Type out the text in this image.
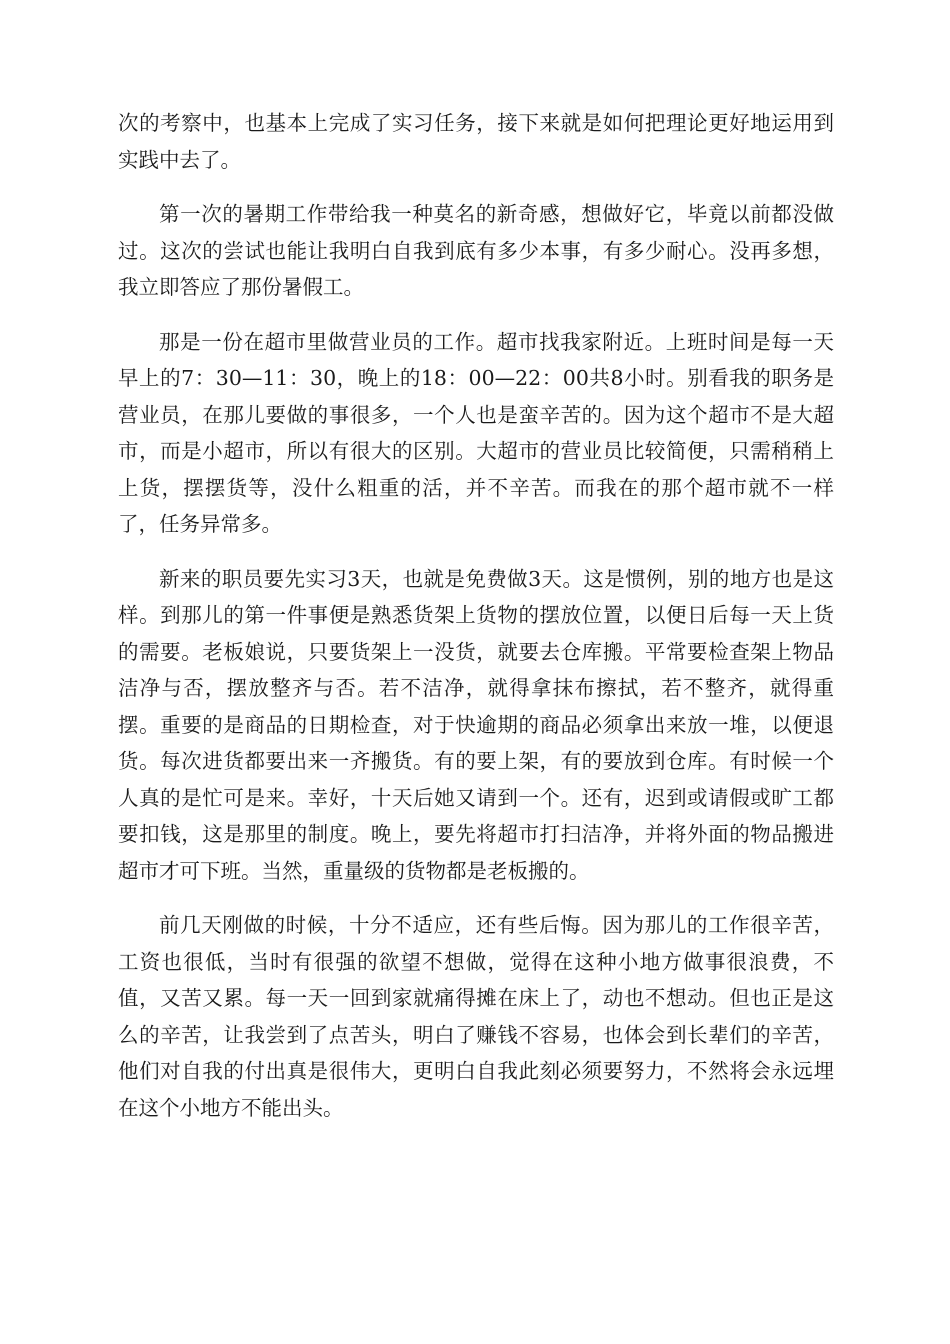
次的考察中，也基本上完成了实习任务，接下来就是如何把理论更好地运用到实践中去了。

第一次的暑期工作带给我一种莫名的新奇感，想做好它，毕竟以前都没做过。这次的尝试也能让我明白自我到底有多少本事，有多少耐心。没再多想，我立即答应了那份暑假工。

那是一份在超市里做营业员的工作。超市找我家附近。上班时间是每一天早上的7：30—11：30，晚上的18：00—22：00共8小时。别看我的职务是营业员，在那儿要做的事很多，一个人也是蛮辛苦的。因为这个超市不是大超市，而是小超市，所以有很大的区别。大超市的营业员比较简便，只需稍稍上上货，摆摆货等，没什么粗重的活，并不辛苦。而我在的那个超市就不一样了，任务异常多。

新来的职员要先实习3天，也就是免费做3天。这是惯例，别的地方也是这样。到那儿的第一件事便是熟悉货架上货物的摆放位置，以便日后每一天上货的需要。老板娘说，只要货架上一没货，就要去仓库搬。平常要检查架上物品洁净与否，摆放整齐与否。若不洁净，就得拿抹布擦拭，若不整齐，就得重摆。重要的是商品的日期检查，对于快逾期的商品必须拿出来放一堆，以便退货。每次进货都要出来一齐搬货。有的要上架，有的要放到仓库。有时候一个人真的是忙可是来。幸好，十天后她又请到一个。还有，迟到或请假或旷工都要扣钱，这是那里的制度。晚上，要先将超市打扫洁净，并将外面的物品搬进超市才可下班。当然，重量级的货物都是老板搬的。

前几天刚做的时候，十分不适应，还有些后悔。因为那儿的工作很辛苦，工资也很低，当时有很强的欲望不想做，觉得在这种小地方做事很浪费，不值，又苦又累。每一天一回到家就痛得摊在床上了，动也不想动。但也正是这么的辛苦，让我尝到了点苦头，明白了赚钱不容易，也体会到长辈们的辛苦，他们对自我的付出真是很伟大，更明白自我此刻必须要努力，不然将会永远埋在这个小地方不能出头。
